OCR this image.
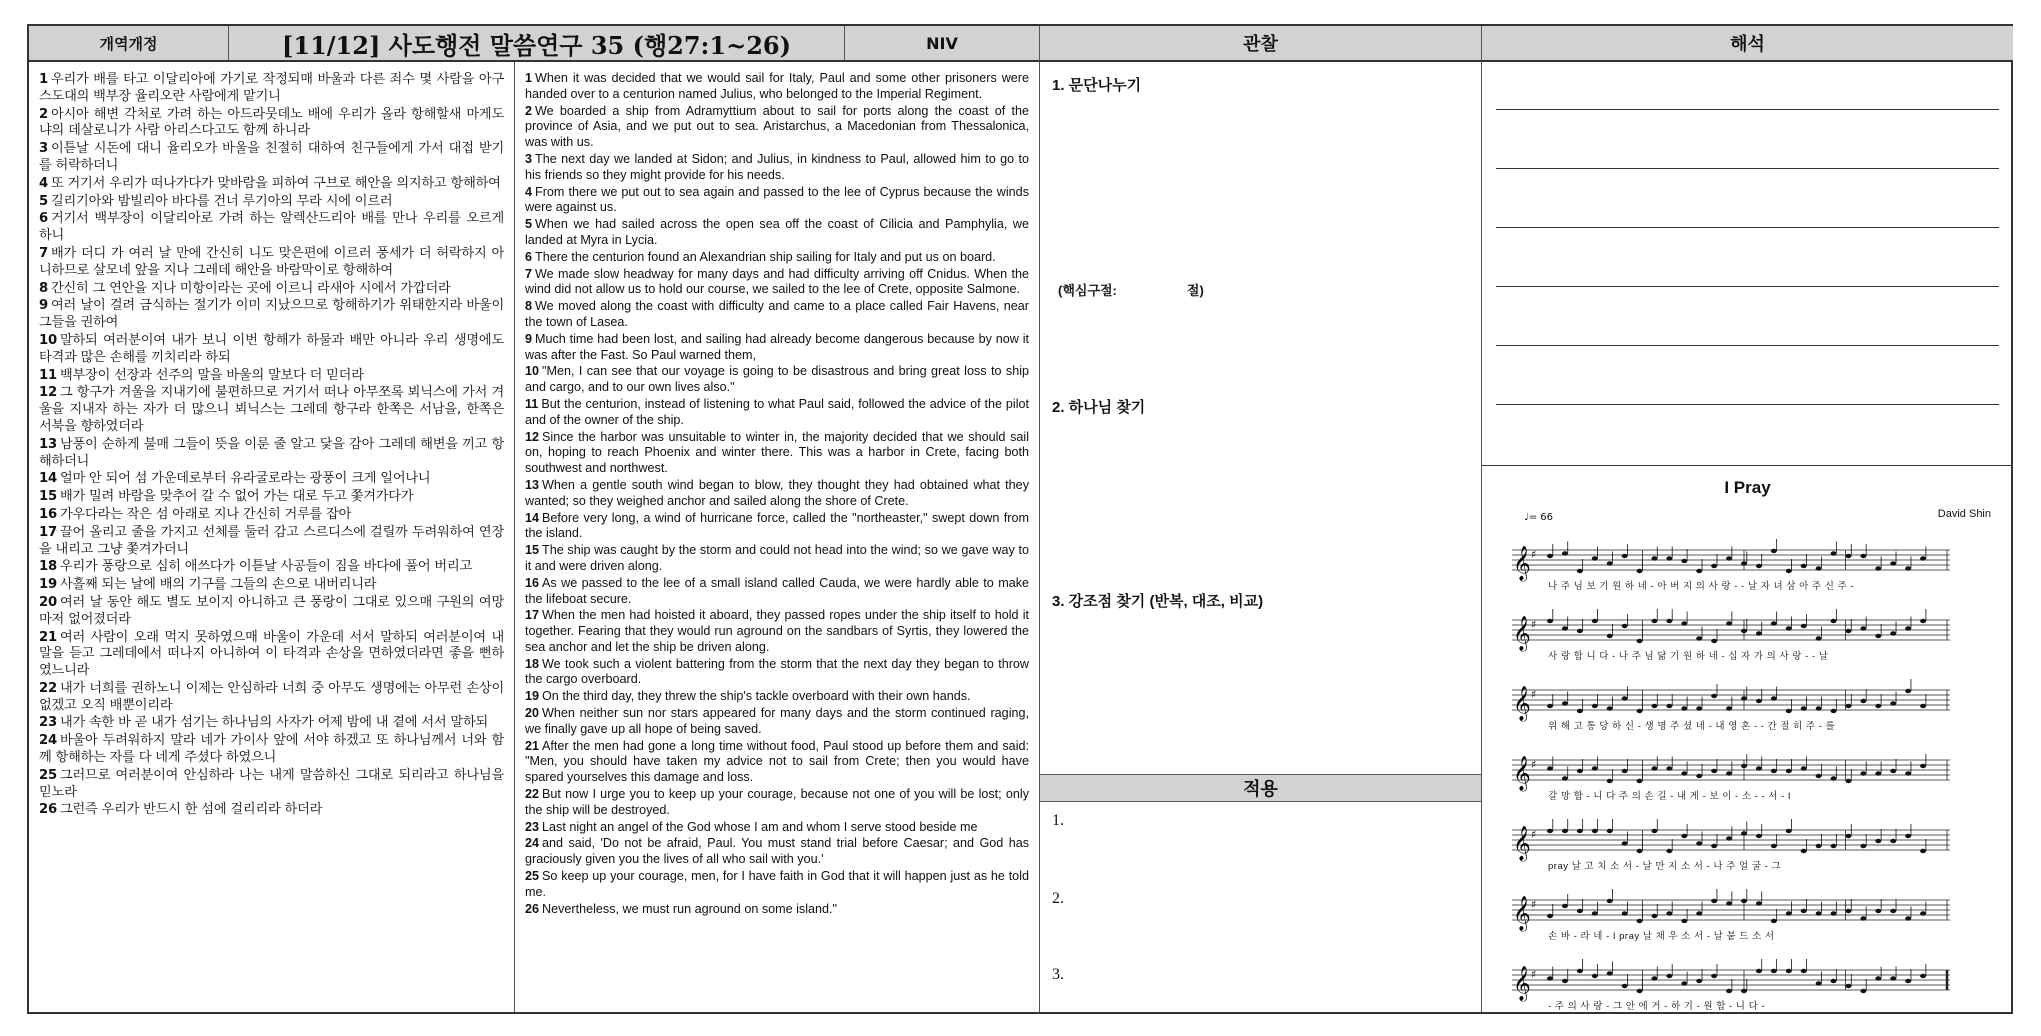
개역개정	[11/12] 사도행전 말씀연구 35 (행27:1~26)	NIV	관찰	해석
1 우리가 배를 타고 이달리아에 가기로 작정되매 바울과 다른 죄수 몇 사람을 아구스도대의 백부장 율리오란 사람에게 맡기니
2 아시아 해변 각처로 가려 하는 아드라뭇데노 배에 우리가 올라 항해할새 마게도냐의 데살로니가 사람 아리스다고도 함께 하니라
3 이튿날 시돈에 대니 율리오가 바울을 친절히 대하여 친구들에게 가서 대접 받기를 허락하더니
4 또 거기서 우리가 떠나가다가 맞바람을 피하여 구브로 해안을 의지하고 항해하여
5 길리기아와 밤빌리아 바다를 건너 루기아의 무라 시에 이르러
6 거기서 백부장이 이달리아로 가려 하는 알렉산드리아 배를 만나 우리를 오르게 하니
7 배가 더디 가 여러 날 만에 간신히 니도 맞은편에 이르러 풍세가 더 허락하지 아니하므로 살모네 앞을 지나 그레데 해안을 바람막이로 항해하여
8 간신히 그 연안을 지나 미항이라는 곳에 이르니 라새아 시에서 가깝더라
9 여러 날이 걸려 금식하는 절기가 이미 지났으므로 항해하기가 위태한지라 바울이 그들을 권하여
10 말하되 여러분이여 내가 보니 이번 항해가 하물과 배만 아니라 우리 생명에도 타격과 많은 손해를 끼치리라 하되
11 백부장이 선장과 선주의 말을 바울의 말보다 더 믿더라
12 그 항구가 겨울을 지내기에 불편하므로 거기서 떠나 아무쪼록 뵈닉스에 가서 겨울을 지내자 하는 자가 더 많으니 뵈닉스는 그레데 항구라 한쪽은 서남을, 한쪽은 서북을 향하였더라
13 남풍이 순하게 불매 그들이 뜻을 이룬 줄 알고 닻을 감아 그레데 해변을 끼고 항해하더니
14 얼마 안 되어 섬 가운데로부터 유라굴로라는 광풍이 크게 일어나니
15 배가 밀려 바람을 맞추어 갈 수 없어 가는 대로 두고 쫓겨가다가
16 가우다라는 작은 섬 아래로 지나 간신히 거루를 잡아
17 끌어 올리고 줄을 가지고 선체를 둘러 감고 스르디스에 걸릴까 두려워하여 연장을 내리고 그냥 쫓겨가더니
18 우리가 풍랑으로 심히 애쓰다가 이튿날 사공들이 짐을 바다에 풀어 버리고
19 사흘째 되는 날에 배의 기구를 그들의 손으로 내버리니라
20 여러 날 동안 해도 별도 보이지 아니하고 큰 풍랑이 그대로 있으매 구원의 여망마저 없어졌더라
21 여러 사람이 오래 먹지 못하였으매 바울이 가운데 서서 말하되 여러분이여 내 말을 듣고 그레데에서 떠나지 아니하여 이 타격과 손상을 면하였더라면 좋을 뻔하였느니라
22 내가 너희를 권하노니 이제는 안심하라 너희 중 아무도 생명에는 아무런 손상이 없겠고 오직 배뿐이리라
23 내가 속한 바 곧 내가 섬기는 하나님의 사자가 어제 밤에 내 곁에 서서 말하되
24 바울아 두려워하지 말라 네가 가이사 앞에 서야 하겠고 또 하나님께서 너와 함께 항해하는 자를 다 네게 주셨다 하였으니
25 그러므로 여러분이여 안심하라 나는 내게 말씀하신 그대로 되리라고 하나님을 믿노라
26 그런즉 우리가 반드시 한 섬에 걸리리라 하더라
1 When it was decided that we would sail for Italy, Paul and some other prisoners were handed over to a centurion named Julius, who belonged to the Imperial Regiment.
2 We boarded a ship from Adramyttium about to sail for ports along the coast of the province of Asia, and we put out to sea. Aristarchus, a Macedonian from Thessalonica, was with us.
3 The next day we landed at Sidon; and Julius, in kindness to Paul, allowed him to go to his friends so they might provide for his needs.
4 From there we put out to sea again and passed to the lee of Cyprus because the winds were against us.
5 When we had sailed across the open sea off the coast of Cilicia and Pamphylia, we landed at Myra in Lycia.
6 There the centurion found an Alexandrian ship sailing for Italy and put us on board.
7 We made slow headway for many days and had difficulty arriving off Cnidus. When the wind did not allow us to hold our course, we sailed to the lee of Crete, opposite Salmone.
8 We moved along the coast with difficulty and came to a place called Fair Havens, near the town of Lasea.
9 Much time had been lost, and sailing had already become dangerous because by now it was after the Fast. So Paul warned them,
10 "Men, I can see that our voyage is going to be disastrous and bring great loss to ship and cargo, and to our own lives also."
11 But the centurion, instead of listening to what Paul said, followed the advice of the pilot and of the owner of the ship.
12 Since the harbor was unsuitable to winter in, the majority decided that we should sail on, hoping to reach Phoenix and winter there. This was a harbor in Crete, facing both southwest and northwest.
13 When a gentle south wind began to blow, they thought they had obtained what they wanted; so they weighed anchor and sailed along the shore of Crete.
14 Before very long, a wind of hurricane force, called the "northeaster," swept down from the island.
15 The ship was caught by the storm and could not head into the wind; so we gave way to it and were driven along.
16 As we passed to the lee of a small island called Cauda, we were hardly able to make the lifeboat secure.
17 When the men had hoisted it aboard, they passed ropes under the ship itself to hold it together. Fearing that they would run aground on the sandbars of Syrtis, they lowered the sea anchor and let the ship be driven along.
18 We took such a violent battering from the storm that the next day they began to throw the cargo overboard.
19 On the third day, they threw the ship's tackle overboard with their own hands.
20 When neither sun nor stars appeared for many days and the storm continued raging, we finally gave up all hope of being saved.
21 After the men had gone a long time without food, Paul stood up before them and said: "Men, you should have taken my advice not to sail from Crete; then you would have spared yourselves this damage and loss.
22 But now I urge you to keep up your courage, because not one of you will be lost; only the ship will be destroyed.
23 Last night an angel of the God whose I am and whom I serve stood beside me
24 and said, 'Do not be afraid, Paul. You must stand trial before Caesar; and God has graciously given you the lives of all who sail with you.'
25 So keep up your courage, men, for I have faith in God that it will happen just as he told me.
26 Nevertheless, we must run aground on some island."
1. 문단나누기
(핵심구절:	절)
2. 하나님 찾기
3. 강조점 찾기 (반복, 대조, 비교)
적용
1.
2.
3.
I Pray
David Shin
♩= 66
𝄞 ♯
나 주 님 보 기 원 하 네 - 아 버 지 의 사 랑 - - 날 자 녀 삼 아 주 신 주 -
𝄞 ♯
사 랑 합 니 다 - 나 주 님 닮 기 원 하 네 - 십 자 가 의 사 랑 - - 날
𝄞 ♯
위 해 고 통 당 하 신 - 생 명 주 셨 네 - 내 영 혼 - - 간 절 히 주 - 를
𝄞 ♯
갈 망 합 - 니 다 주 의 손 길 - 내 게 - 보 이 - 소 - - 서 - I
𝄞 ♯
pray 날 고 치 소 서 - 날 만 지 소 서 - 나 주 얼 굴 - 그
𝄞 ♯
손 바 - 라 네 - I pray 날 채 우 소 서 - 날 붙 드 소 서
𝄞 ♯
- 주 의 사 랑 - 그 안 에 거 - 하 기 - 원 합 - 니 다 -
